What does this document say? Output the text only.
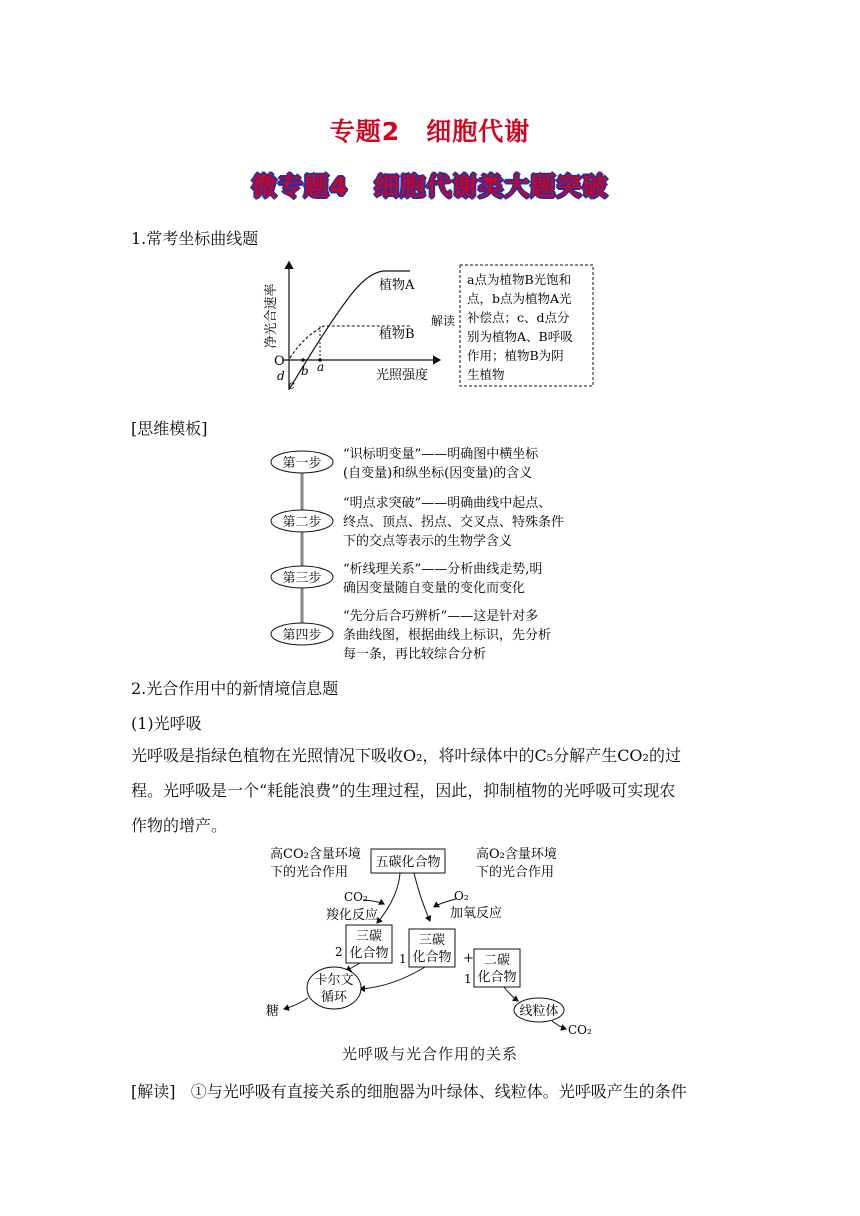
专题2　细胞代谢
微专题4　细胞代谢类大题突破
1.常考坐标曲线题
净光合速率	植物A
植物B
O
d
c
b a
光照强度
解读
a点为植物B光饱和 点，b点为植物A光 补偿点；c、d点分 别为植物A、B呼吸 作用；植物B为阴 生植物
[思维模板]
第一步
“识标明变量”——明确图中横坐标(自变量)和纵坐标(因变量)的含义
第二步
“明点求突破”——明确曲线中起点、终点、顶点、拐点、交叉点、特殊条件下的交点等表示的生物学含义
第三步
“析线理关系”——分析曲线走势,明确因变量随自变量的变化而变化
第四步
“先分后合巧辨析”——这是针对多条曲线图，根据曲线上标识，先分析每一条，再比较综合分析
2.光合作用中的新情境信息题
(1)光呼吸
光呼吸是指绿色植物在光照情况下吸收O₂，将叶绿体中的C₅分解产生CO₂的过
程。光呼吸是一个“耗能浪费”的生理过程，因此，抑制植物的光呼吸可实现农
作物的增产。
高CO₂含量环境 下的光合作用
高O₂含量环境 下的光合作用
五碳化合物
CO₂
羧化反应
O₂
加氧反应
三碳化合物
2
三碳化合物
1	+ 二碳化合物
1
卡尔文循环
糖	线粒体
CO₂
光呼吸与光合作用的关系
[解读] ①与光呼吸有直接关系的细胞器为叶绿体、线粒体。光呼吸产生的条件
